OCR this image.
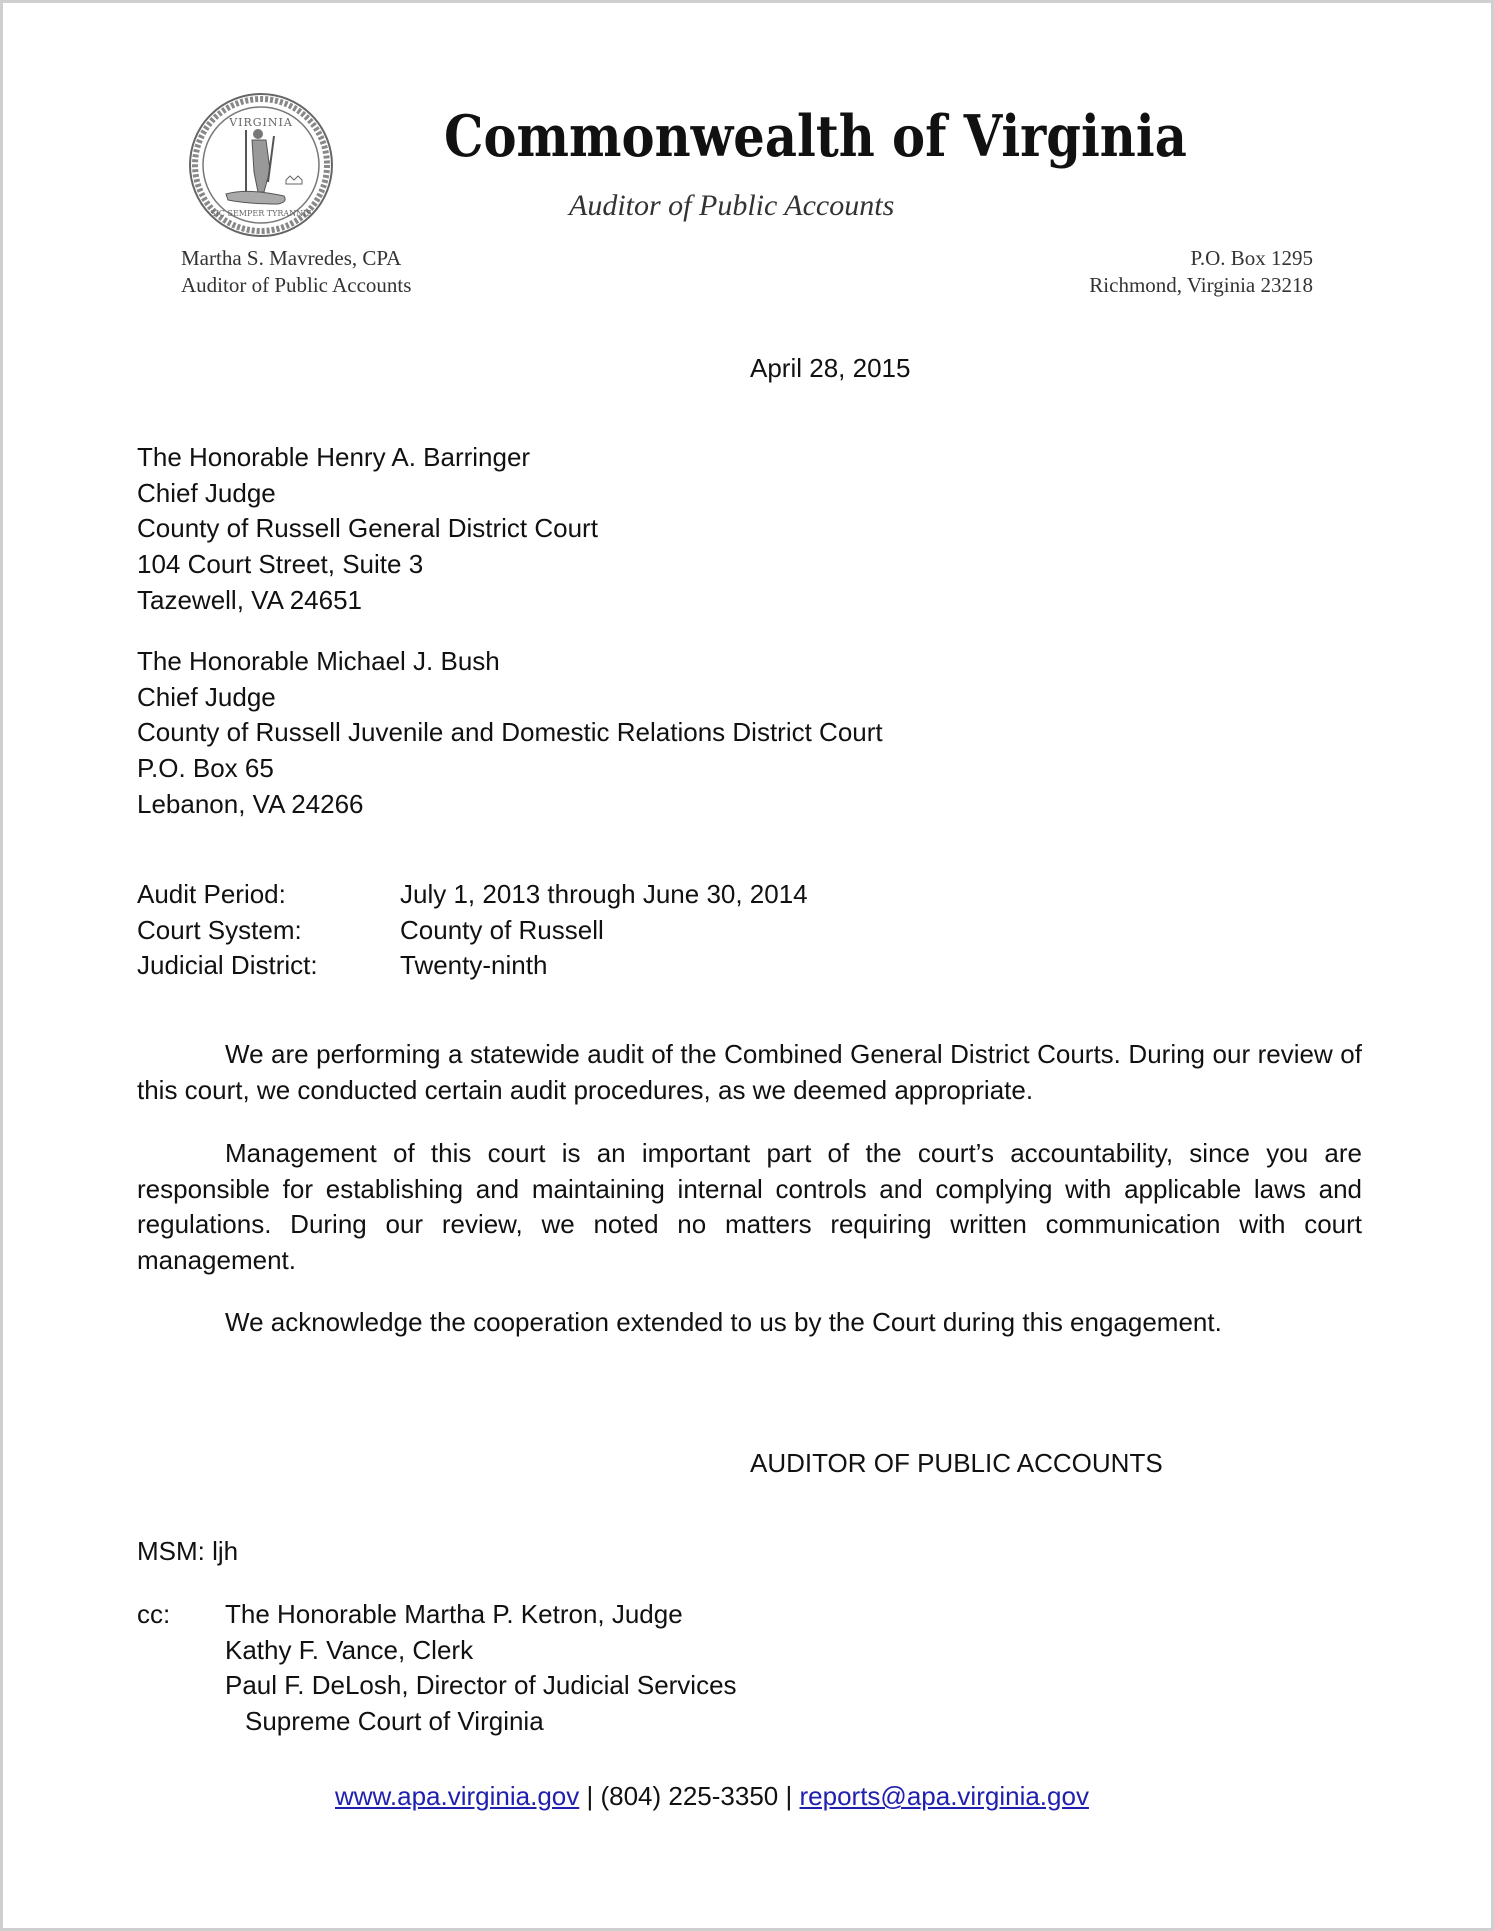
VIRGINIA
SIC SEMPER TYRANNIS
Commonwealth of Virginia
Auditor of Public Accounts
Martha S. Mavredes, CPA
Auditor of Public Accounts
P.O. Box 1295
Richmond, Virginia 23218
April 28, 2015
The Honorable Henry A. Barringer
Chief Judge
County of Russell General District Court
104 Court Street, Suite 3
Tazewell, VA 24651
The Honorable Michael J. Bush
Chief Judge
County of Russell Juvenile and Domestic Relations District Court
P.O. Box 65
Lebanon, VA 24266
Audit Period:	July 1, 2013 through June 30, 2014
Court System:	County of Russell
Judicial District:	Twenty-ninth

We are performing a statewide audit of the Combined General District Courts. During our review of this court, we conducted certain audit procedures, as we deemed appropriate.

Management of this court is an important part of the court’s accountability, since you are responsible for establishing and maintaining internal controls and complying with applicable laws and regulations. During our review, we noted no matters requiring written communication with court management.

We acknowledge the cooperation extended to us by the Court during this engagement.

AUDITOR OF PUBLIC ACCOUNTS
MSM: ljh
cc: The Honorable Martha P. Ketron, Judge
Kathy F. Vance, Clerk
Paul F. DeLosh, Director of Judicial Services
Supreme Court of Virginia
www.apa.virginia.gov | (804) 225-3350 | reports@apa.virginia.gov
